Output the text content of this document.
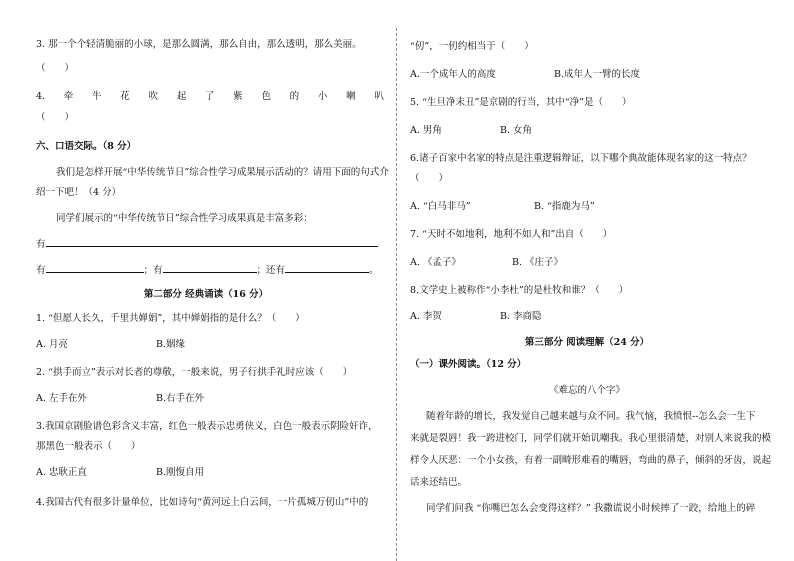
3. 那一个个轻清脆丽的小球，是那么圆满，那么自由，那么透明，那么美丽。
（　　）
4. 牵 牛 花 吹 起 了 紫 色 的 小 喇 叭
（　　）
六、口语交际。（8 分）
我们是怎样开展“中华传统节日”综合性学习成果展示活动的？请用下面的句式介
绍一下吧！（4 分）
同学们展示的“中华传统节日”综合性学习成果真是丰富多彩：
有
有	；有	；还有	。
第二部分 经典诵读（16 分）
1. “但愿人长久，千里共婵娟”，其中婵娟指的是什么？（　　）
A. 月亮	B.姻缘
2. “拱手而立”表示对长者的尊敬，一般来说，男子行拱手礼时应该（　　）
A. 左手在外	B.右手在外
3.我国京剧脸谱色彩含义丰富，红色一般表示忠勇侠义，白色一般表示阴险奸诈，
那黑色一般表示（　　）
A. 忠耿正直	B.刚愎自用
4.我国古代有很多计量单位，比如诗句“黄河远上白云间，一片孤城万仞山”中的
“仞”，一仞约相当于（　　）
A.一个成年人的高度	B.成年人一臂的长度
5. “生旦净末丑”是京剧的行当，其中“净”是（　　）
A. 男角	B. 女角
6.诸子百家中名家的特点是注重逻辑辩证，以下哪个典故能体现名家的这一特点？
（　　）
A. “白马非马”	B. “指鹿为马”
7. “天时不如地利，地利不如人和”出自（　　）
A. 《孟子》	B. 《庄子》
8.文学史上被称作“小李杜”的是杜牧和谁？（　　）
A. 李贺	B. 李商隐
第三部分 阅读理解（24 分）
（一）课外阅读。（12 分）
《难忘的八个字》
随着年龄的增长，我发觉自己越来越与众不同。我气恼，我愤恨--怎么会一生下
来就是裂唇！我一跨进校门，同学们就开始讥嘲我。我心里很清楚，对别人来说我的模
样令人厌恶：一个小女孩，有着一副畸形难看的嘴唇，弯曲的鼻子，倾斜的牙齿，说起
话来还结巴。
同学们问我 “你嘴巴怎么会变得这样？” 我撒谎说小时候摔了一跤，给地上的碎
